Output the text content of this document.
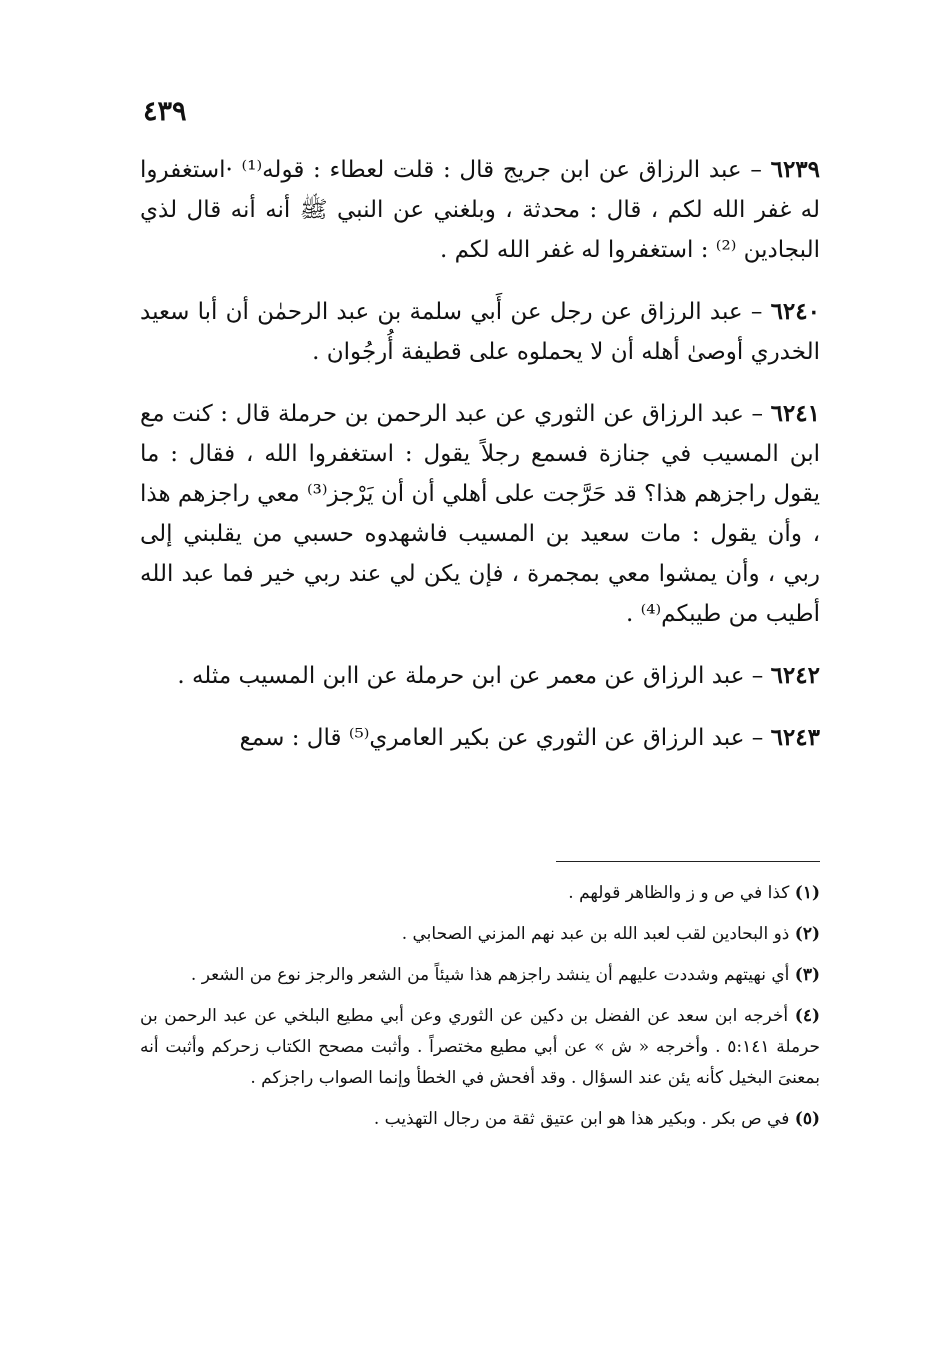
٤٣٩

٦٢٣٩ – عبد الرزاق عن ابن جريج قال : قلت لعطاء : قوله⁽¹⁾ ·استغفروا له غفر الله لكم ، قال : محدثة ، وبلغني عن النبي ﷺ أنه أنه قال لذي البجادين ⁽²⁾ : استغفروا له غفر الله لكم .

٦٢٤٠ – عبد الرزاق عن رجل عن أَبي سلمة بن عبد الرحمٰن أن أبا سعيد الخدري أوصىٰ أهله أن لا يحملوه على قطيفة أُرجُوان .

٦٢٤١ – عبد الرزاق عن الثوري عن عبد الرحمن بن حرملة قال : كنت مع ابن المسيب في جنازة فسمع رجلاً يقول : استغفروا الله ، فقال : ما يقول راجزهم هذا؟ قد حَرَّجت على أهلي أن أن يَرْجز⁽³⁾ معي راجزهم هذا ، وأن يقول : مات سعيد بن المسيب فاشهدوه حسبي من يقلبني إلى ربي ، وأن يمشوا معي بمجمرة ، فإن يكن لي عند ربي خير فما عبد الله أطيب من طيبكم⁽⁴⁾ .

٦٢٤٢ – عبد الرزاق عن معمر عن ابن حرملة عن اابن المسيب مثله .

٦٢٤٣ – عبد الرزاق عن الثوري عن بكير العامري⁽⁵⁾ قال : سمع

(١) كذا في ص و ز والظاهر قولهم .

(٢) ذو البحادين لقب لعبد الله بن عبد نهم المزني الصحابي .

(٣) أي نهيتهم وشددت عليهم أن ينشد راجزهم هذا شيئاً من الشعر والرجز نوع من الشعر .

(٤) أخرجه ابن سعد عن الفضل بن دكين عن الثوري وعن أبي مطيع البلخي عن عبد الرحمن بن حرملة ٥:١٤١ . وأخرجه « ش » عن أبي مطيع مختصراً . وأثبت مصحح الكتاب زحركم وأثبت أنه بمعنىَ البخيل كأنه يئن عند السؤال . وقد أفحش في الخطأ وإنما الصواب راجزكم .

(٥) في ص بكر . وبكير هذا هو ابن عتيق ثقة من رجال التهذيب .
